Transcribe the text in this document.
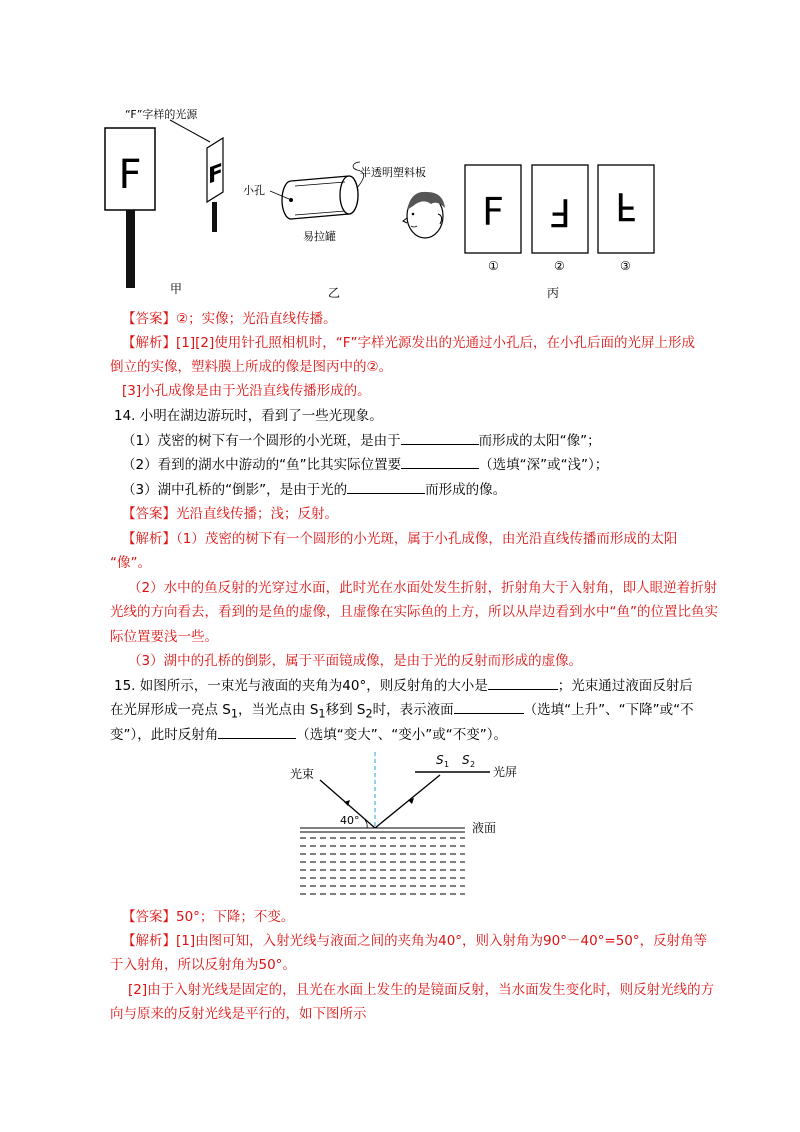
F
“F”字样的光源
F
小孔
半透明塑料板
易拉罐
F F F
①	②	③
甲	乙	丙
【答案】②；实像；光沿直线传播。
【解析】[1][2]使用针孔照相机时，“F”字样光源发出的光通过小孔后，在小孔后面的光屏上形成
倒立的实像，塑料膜上所成的像是图丙中的②。
[3]小孔成像是由于光沿直线传播形成的。
14. 小明在湖边游玩时，看到了一些光现象。
（1）茂密的树下有一个圆形的小光斑，是由于	而形成的太阳“像”；
（2）看到的湖水中游动的“鱼”比其实际位置要	（选填“深”或“浅”）；
（3）湖中孔桥的“倒影”，是由于光的	而形成的像。
【答案】光沿直线传播；浅；反射。
【解析】（1）茂密的树下有一个圆形的小光斑，属于小孔成像，由光沿直线传播而形成的太阳
“像”。
（2）水中的鱼反射的光穿过水面，此时光在水面处发生折射，折射角大于入射角，即人眼逆着折射
光线的方向看去，看到的是鱼的虚像，且虚像在实际鱼的上方，所以从岸边看到水中“鱼”的位置比鱼实
际位置要浅一些。
（3）湖中的孔桥的倒影，属于平面镜成像，是由于光的反射而形成的虚像。
15. 如图所示，一束光与液面的夹角为40°，则反射角的大小是	；光束通过液面反射后
在光屏形成一亮点 $S_1$，当光点由 $S_1$移到 $S_2$时，表示液面	（选填“上升”、“下降”或“不
变”），此时反射角	（选填“变大”、“变小”或“不变”）。
光束
S 1 S 2
光屏
40°
液面
【答案】50°；下降；不变。
【解析】[1]由图可知，入射光线与液面之间的夹角为40°，则入射角为90°－40°=50°，反射角等
于入射角，所以反射角为50°。
[2]由于入射光线是固定的，且光在水面上发生的是镜面反射，当水面发生变化时，则反射光线的方
向与原来的反射光线是平行的，如下图所示
